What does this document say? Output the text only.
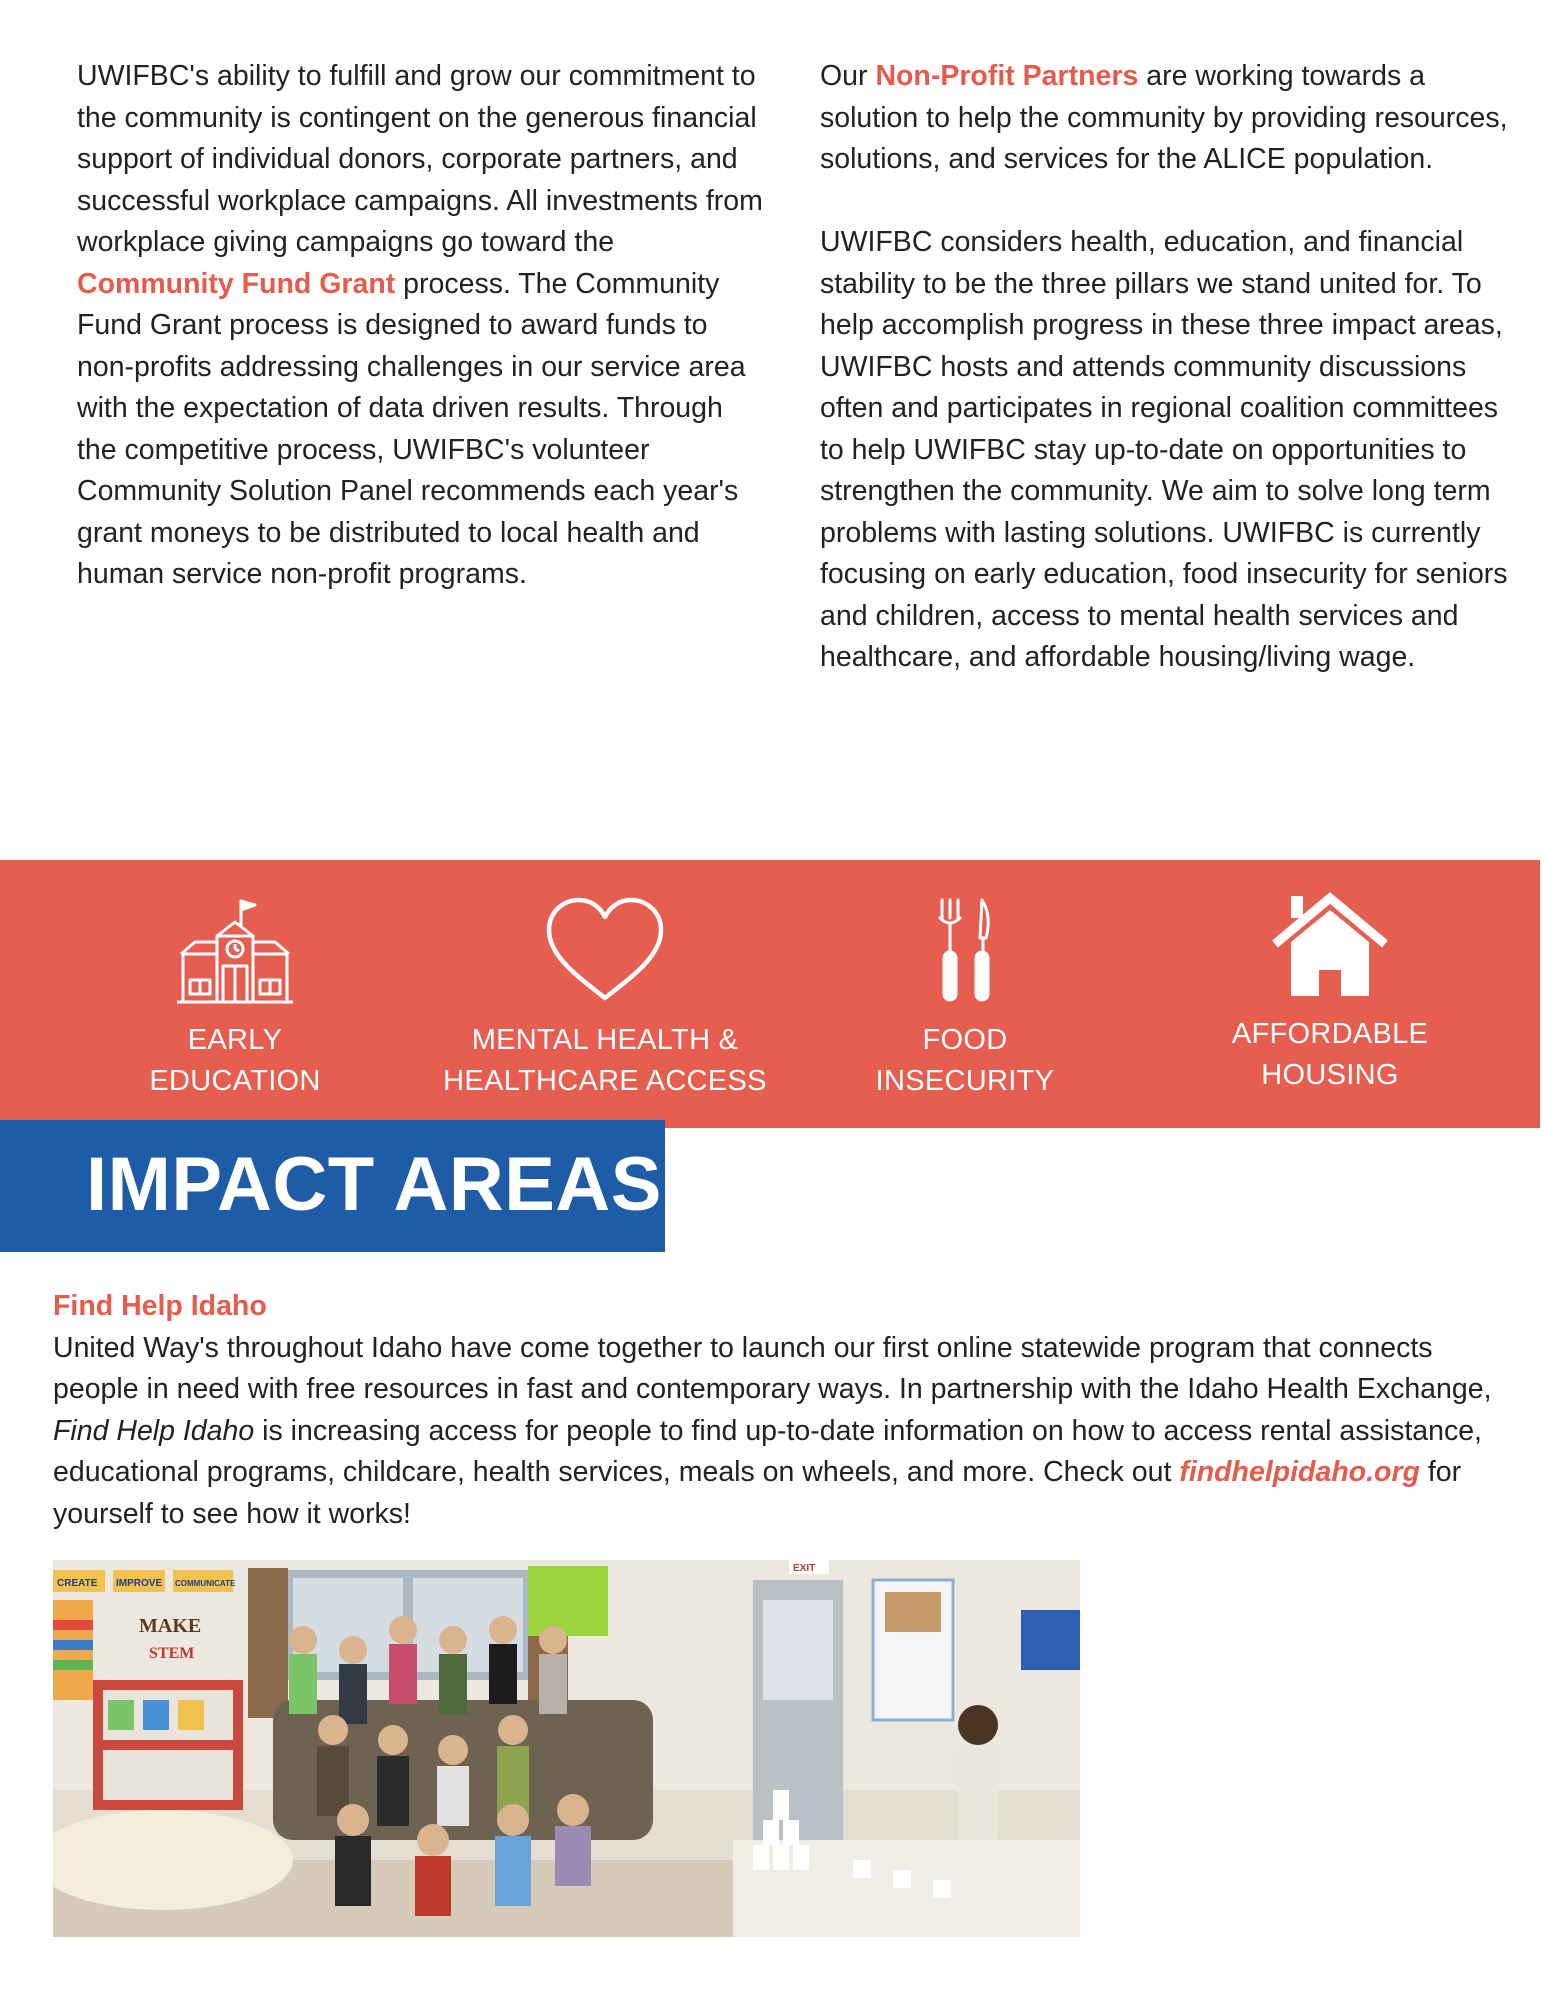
UWIFBC's ability to fulfill and grow our commitment to the community is contingent on the generous financial support of individual donors, corporate partners, and successful workplace campaigns. All investments from workplace giving campaigns go toward the Community Fund Grant process. The Community Fund Grant process is designed to award funds to non-profits addressing challenges in our service area with the expectation of data driven results. Through the competitive process, UWIFBC's volunteer Community Solution Panel recommends each year's grant moneys to be distributed to local health and human service non-profit programs.

Our Non-Profit Partners are working towards a solution to help the community by providing resources, solutions, and services for the ALICE population.

UWIFBC considers health, education, and financial stability to be the three pillars we stand united for. To help accomplish progress in these three impact areas, UWIFBC hosts and attends community discussions often and participates in regional coalition committees to help UWIFBC stay up-to-date on opportunities to strengthen the community. We aim to solve long term problems with lasting solutions. UWIFBC is currently focusing on early education, food insecurity for seniors and children, access to mental health services and healthcare, and affordable housing/living wage.

EARLY
EDUCATION
MENTAL HEALTH &
HEALTHCARE ACCESS
FOOD
INSECURITY
AFFORDABLE
HOUSING
IMPACT AREAS
Find Help Idaho

United Way's throughout Idaho have come together to launch our first online statewide program that connects people in need with free resources in fast and contemporary ways. In partnership with the Idaho Health Exchange, Find Help Idaho is increasing access for people to find up-to-date information on how to access rental assistance, educational programs, childcare, health services, meals on wheels, and more. Check out findhelpidaho.org for yourself to see how it works!

CREATE IMPROVE COMMUNICATE
MAKE
STEM
EXIT
